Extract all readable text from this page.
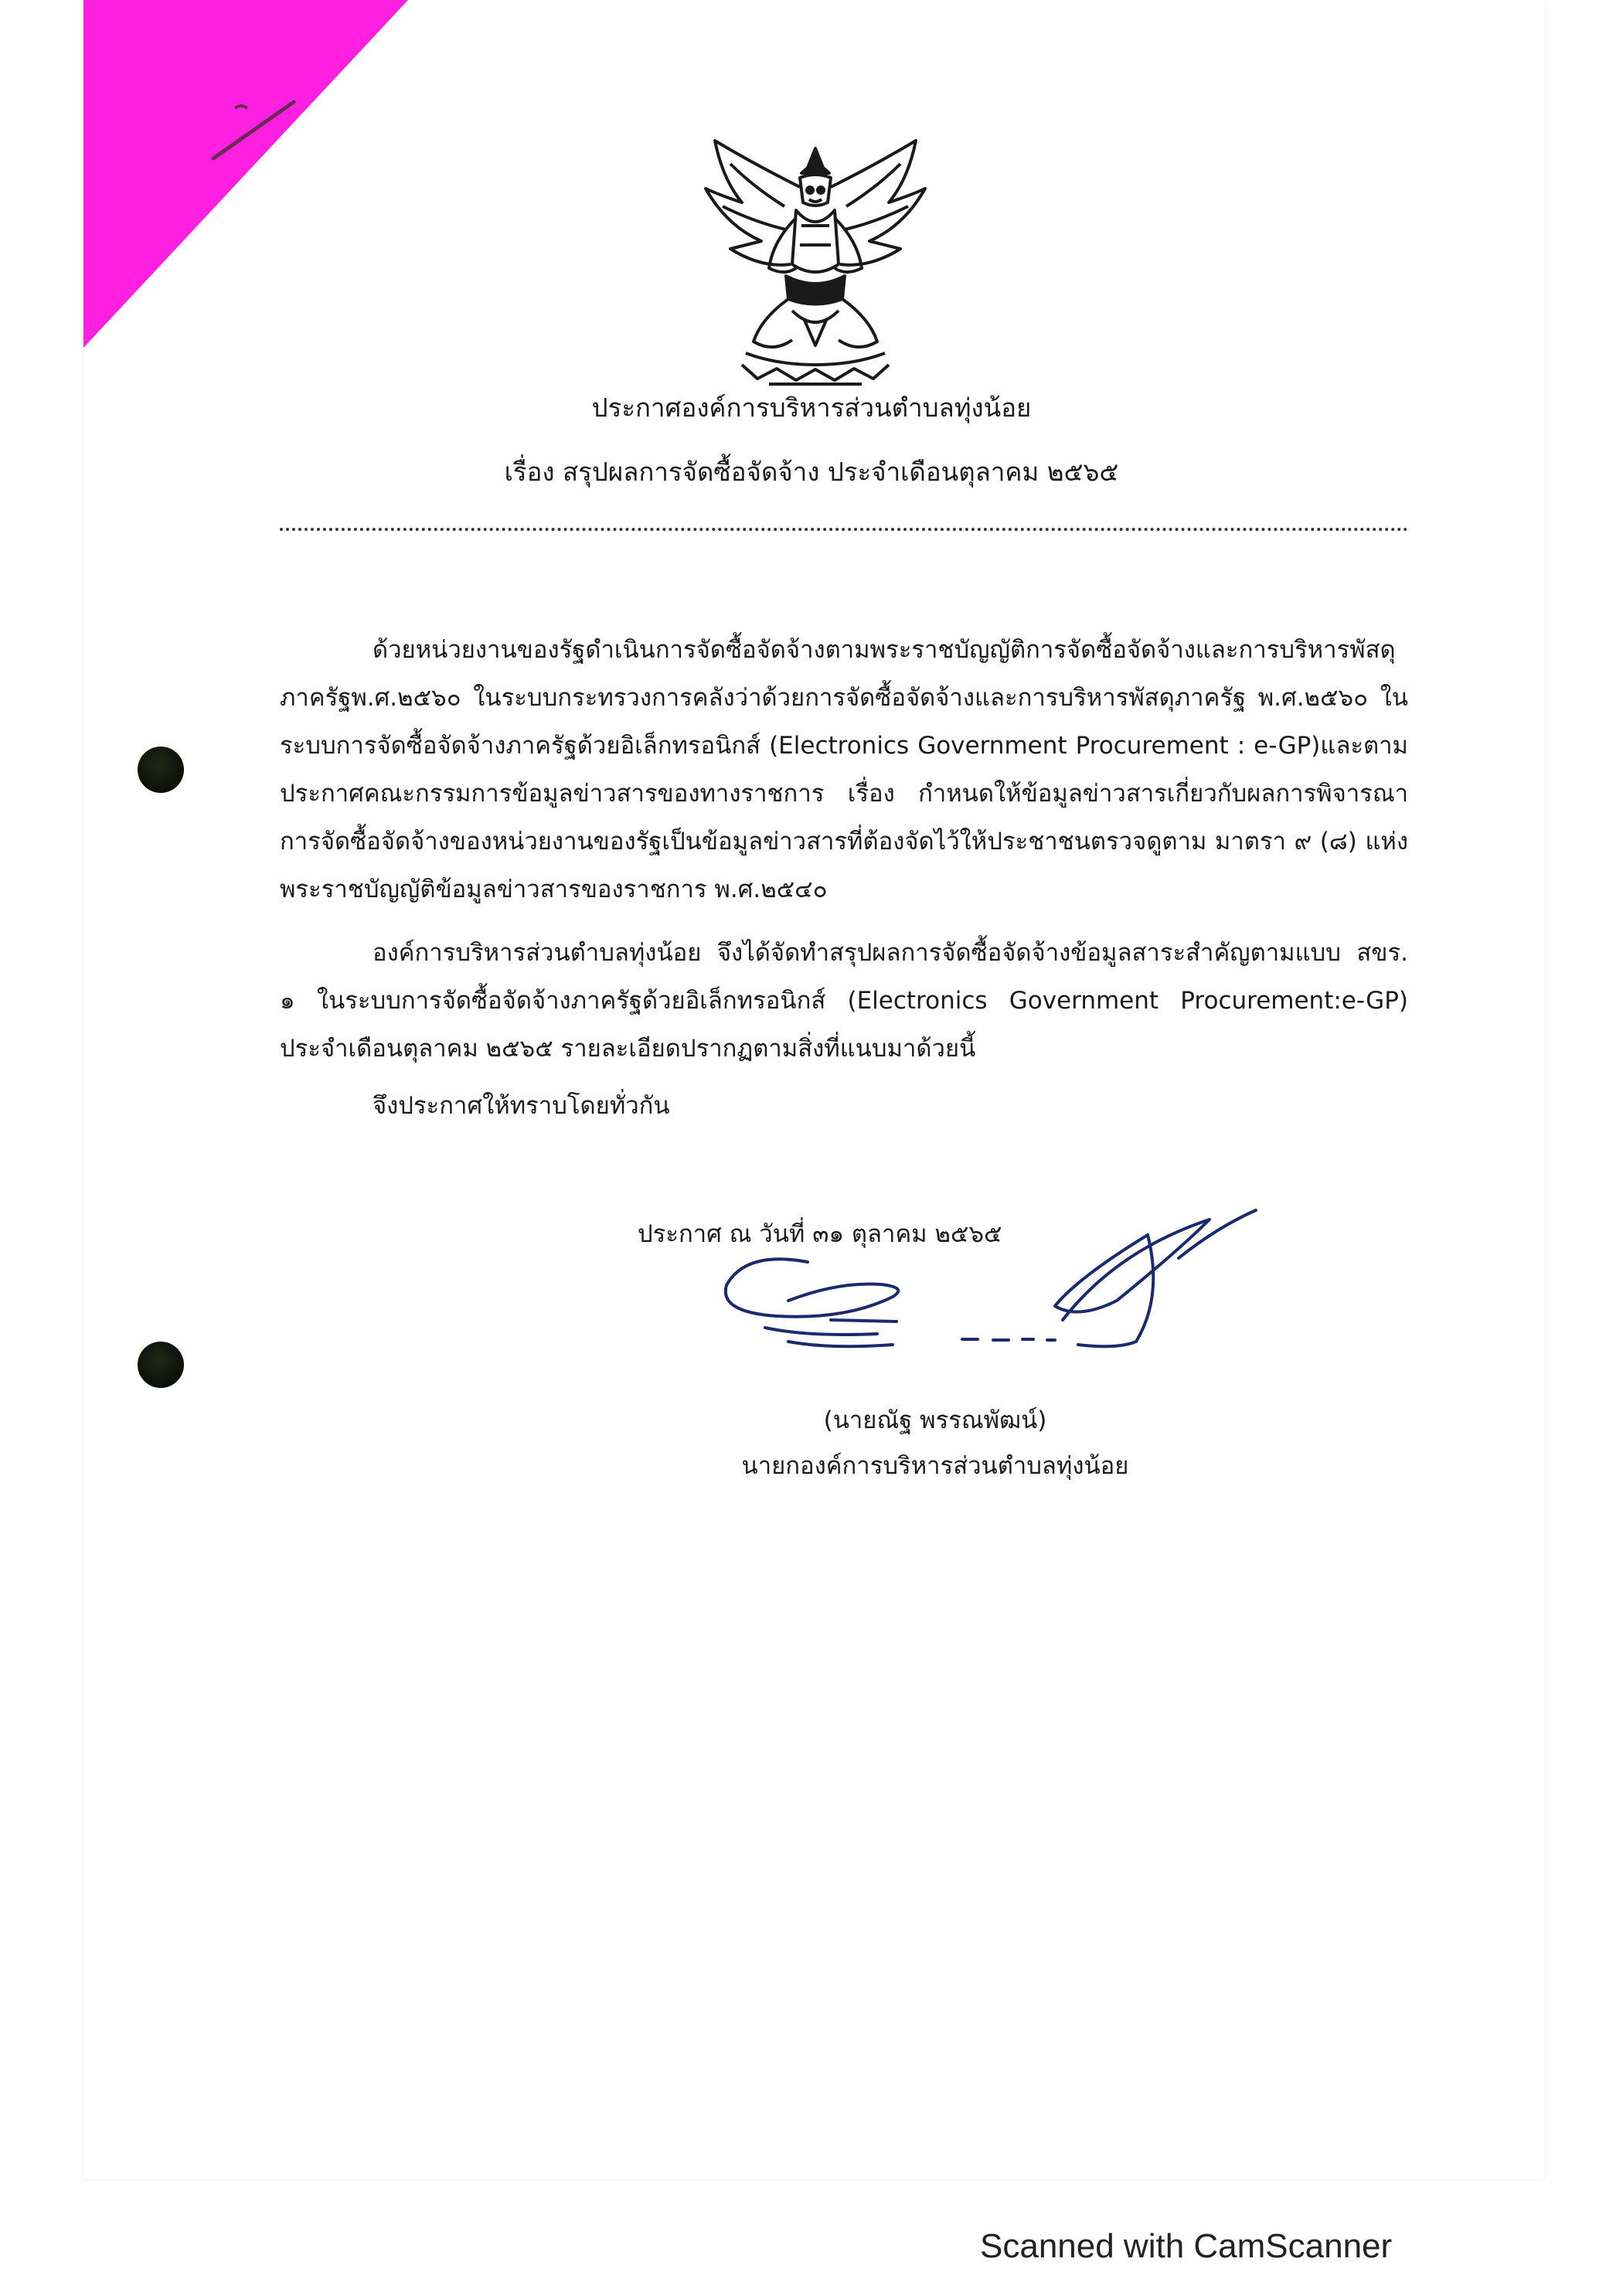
ประกาศองค์การบริหารส่วนตำบลทุ่งน้อย
เรื่อง สรุปผลการจัดซื้อจัดจ้าง ประจำเดือนตุลาคม ๒๕๖๕
ด้วยหน่วยงานของรัฐดำเนินการจัดซื้อจัดจ้างตามพระราชบัญญัติการจัดซื้อจัดจ้างและการบริหารพัสดุภาครัฐพ.ศ.๒๕๖๐ ในระบบกระทรวงการคลังว่าด้วยการจัดซื้อจัดจ้างและการบริหารพัสดุภาครัฐ พ.ศ.๒๕๖๐ ในระบบการจัดซื้อจัดจ้างภาครัฐด้วยอิเล็กทรอนิกส์ (Electronics Government Procurement : e-GP)และตามประกาศคณะกรรมการข้อมูลข่าวสารของทางราชการ เรื่อง กำหนดให้ข้อมูลข่าวสารเกี่ยวกับผลการพิจารณาการจัดซื้อจัดจ้างของหน่วยงานของรัฐเป็นข้อมูลข่าวสารที่ต้องจัดไว้ให้ประชาชนตรวจดูตาม มาตรา ๙ (๘) แห่งพระราชบัญญัติข้อมูลข่าวสารของราชการ พ.ศ.๒๕๔๐
องค์การบริหารส่วนตำบลทุ่งน้อย จึงได้จัดทำสรุปผลการจัดซื้อจัดจ้างข้อมูลสาระสำคัญตามแบบ สขร. ๑ ในระบบการจัดซื้อจัดจ้างภาครัฐด้วยอิเล็กทรอนิกส์ (Electronics Government Procurement:e-GP) ประจำเดือนตุลาคม ๒๕๖๕ รายละเอียดปรากฏตามสิ่งที่แนบมาด้วยนี้
จึงประกาศให้ทราบโดยทั่วกัน
ประกาศ ณ วันที่ ๓๑ ตุลาคม ๒๕๖๕
(นายณัฐ พรรณพัฒน์)
นายกองค์การบริหารส่วนตำบลทุ่งน้อย
Scanned with CamScanner
